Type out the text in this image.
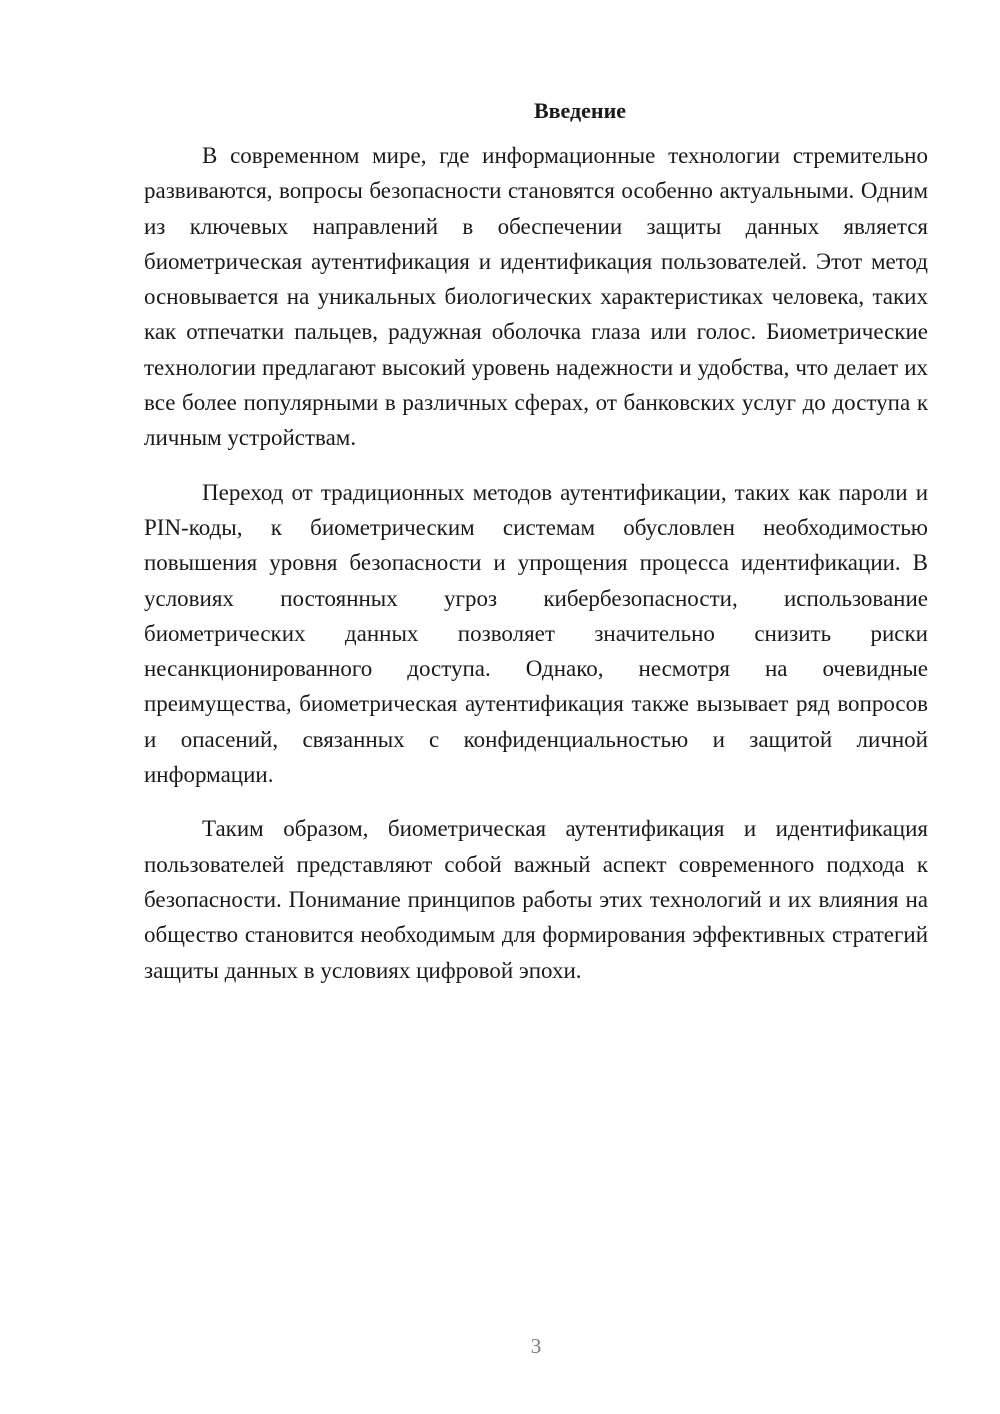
Введение

В современном мире, где информационные технологии стремительно развиваются, вопросы безопасности становятся особенно актуальными. Одним из ключевых направлений в обеспечении защиты данных является биометрическая аутентификация и идентификация пользователей. Этот метод основывается на уникальных биологических характеристиках человека, таких как отпечатки пальцев, радужная оболочка глаза или голос. Биометрические технологии предлагают высокий уровень надежности и удобства, что делает их все более популярными в различных сферах, от банковских услуг до доступа к личным устройствам.

Переход от традиционных методов аутентификации, таких как пароли и PIN-коды, к биометрическим системам обусловлен необходимостью повышения уровня безопасности и упрощения процесса идентификации. В условиях постоянных угроз кибербезопасности, использование биометрических данных позволяет значительно снизить риски несанкционированного доступа. Однако, несмотря на очевидные преимущества, биометрическая аутентификация также вызывает ряд вопросов и опасений, связанных с конфиденциальностью и защитой личной информации.

Таким образом, биометрическая аутентификация и идентификация пользователей представляют собой важный аспект современного подхода к безопасности. Понимание принципов работы этих технологий и их влияния на общество становится необходимым для формирования эффективных стратегий защиты данных в условиях цифровой эпохи.

3
